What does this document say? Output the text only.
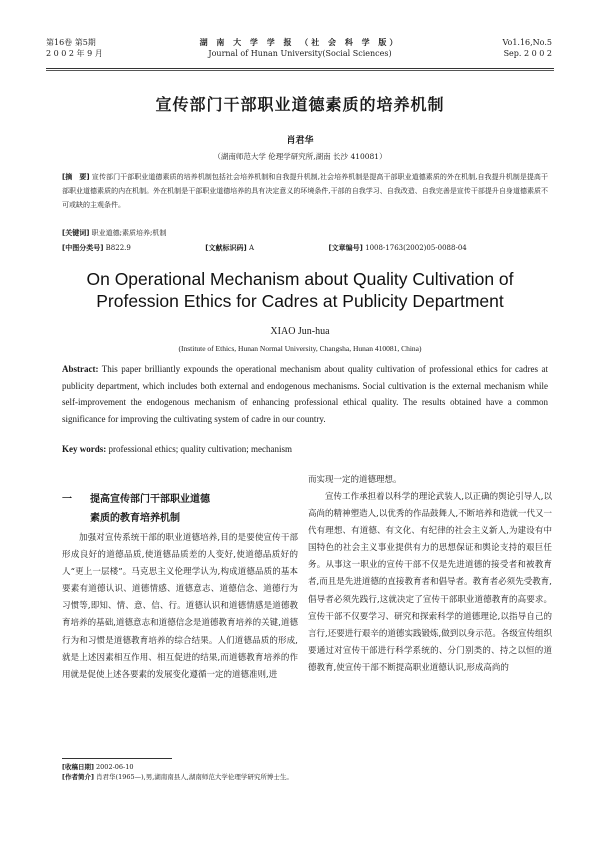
第16卷 第5期
2 0 0 2 年 9 月
湖 南 大 学 学 报 （社 会 科 学 版）
Journal of Hunan University(Social Sciences)
Vo1.16,No.5
Sep. 2 0 0 2
宣传部门干部职业道德素质的培养机制
肖君华
（湖南师范大学 伦理学研究所,湖南 长沙 410081）
[摘　要] 宣传部门干部职业道德素质的培养机制包括社会培养机制和自我提升机制,社会培养机制是提高干部职业道德素质的外在机制,自我提升机制是提高干部职业道德素质的内在机制。外在机制是干部职业道德培养的具有决定意义的环境条件,干部的自我学习、自我改造、自我完善是宣传干部提升自身道德素质不可或缺的主观条件。
[关键词] 职业道德;素质培养;机制
[中图分类号] B822.9	[文献标识码] A	[文章编号] 1008-1763(2002)05-0088-04
On Operational Mechanism about Quality Cultivation of
Profession Ethics for Cadres at Publicity Department
XIAO Jun-hua
(Institute of Ethics, Hunan Normal University, Changsha, Hunan 410081, China)
Abstract: This paper brilliantly expounds the operational mechanism about quality cultivation of professional ethics for cadres at publicity department, which includes both external and endogenous mechanisms. Social cultivation is the external mechanism while self-improvement the endogenous mechanism of enhancing professional ethical quality. The results obtained have a common significance for improving the cultivating system of cadre in our country.
Key words: professional ethics; quality cultivation; mechanism
一 提高宣传部门干部职业道德
素质的教育培养机制
加强对宣传系统干部的职业道德培养,目的是要使宣传干部形成良好的道德品质,使道德品质差的人变好,使道德品质好的人“更上一层楼”。马克思主义伦理学认为,构成道德品质的基本要素有道德认识、道德情感、道德意志、道德信念、道德行为习惯等,即知、情、意、信、行。道德认识和道德情感是道德教育培养的基础,道德意志和道德信念是道德教育培养的关键,道德行为和习惯是道德教育培养的综合结果。人们道德品质的形成,就是上述因素相互作用、相互促进的结果,而道德教育培养的作用就是促使上述各要素的发展变化遵循一定的道德准则,进
而实现一定的道德理想。
宣传工作承担着以科学的理论武装人,以正确的舆论引导人,以高尚的精神塑造人,以优秀的作品鼓舞人,不断培养和造就一代又一代有理想、有道德、有文化、有纪律的社会主义新人,为建设有中国特色的社会主义事业提供有力的思想保证和舆论支持的艰巨任务。从事这一职业的宣传干部不仅是先进道德的接受者和被教育者,而且是先进道德的直接教育者和倡导者。教育者必须先受教育,倡导者必须先践行,这就决定了宣传干部职业道德教育的高要求。宣传干部不仅要学习、研究和探索科学的道德理论,以指导自己的言行,还要进行艰辛的道德实践锻炼,做到以身示范。各级宣传组织要通过对宣传干部进行科学系统的、分门别类的、持之以恒的道德教育,使宣传干部不断提高职业道德认识,形成高尚的
[收稿日期] 2002-06-10
[作者简介] 肖君华(1965—),男,湖南南县人,湖南师范大学伦理学研究所博士生。
